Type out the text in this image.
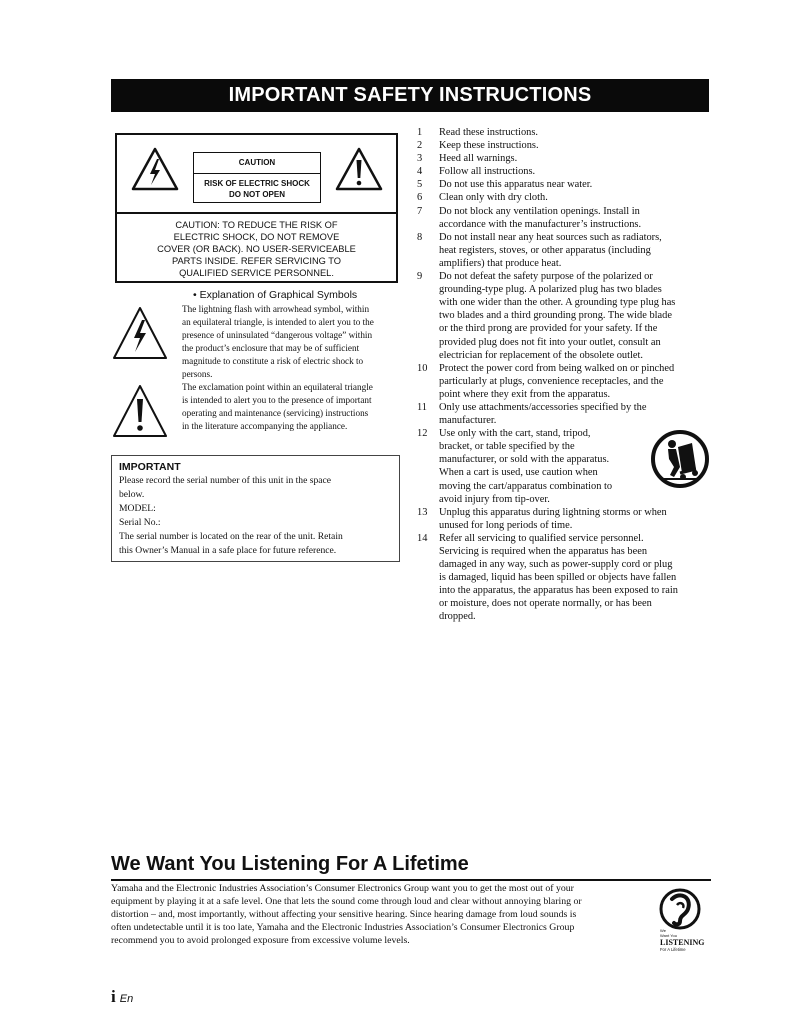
IMPORTANT SAFETY INSTRUCTIONS
CAUTION
RISK OF ELECTRIC SHOCK
DO NOT OPEN
CAUTION: TO REDUCE THE RISK OF
ELECTRIC SHOCK, DO NOT REMOVE
COVER (OR BACK). NO USER-SERVICEABLE
PARTS INSIDE. REFER SERVICING TO
QUALIFIED SERVICE PERSONNEL.
• Explanation of Graphical Symbols
The lightning flash with arrowhead symbol, within
an equilateral triangle, is intended to alert you to the
presence of uninsulated “dangerous voltage” within
the product’s enclosure that may be of sufficient
magnitude to constitute a risk of electric shock to
persons.
The exclamation point within an equilateral triangle
is intended to alert you to the presence of important
operating and maintenance (servicing) instructions
in the literature accompanying the appliance.
IMPORTANT
Please record the serial number of this unit in the space
below.
MODEL:
Serial No.:
The serial number is located on the rear of the unit. Retain
this Owner’s Manual in a safe place for future reference.
1	Read these instructions.
2	Keep these instructions.
3	Heed all warnings.
4	Follow all instructions.
5	Do not use this apparatus near water.
6	Clean only with dry cloth.
7	Do not block any ventilation openings. Install in
accordance with the manufacturer’s instructions.
8	Do not install near any heat sources such as radiators,
heat registers, stoves, or other apparatus (including
amplifiers) that produce heat.
9	Do not defeat the safety purpose of the polarized or
grounding-type plug. A polarized plug has two blades
with one wider than the other. A grounding type plug has
two blades and a third grounding prong. The wide blade
or the third prong are provided for your safety. If the
provided plug does not fit into your outlet, consult an
electrician for replacement of the obsolete outlet.
10	Protect the power cord from being walked on or pinched
particularly at plugs, convenience receptacles, and the
point where they exit from the apparatus.
11	Only use attachments/accessories specified by the
manufacturer.
12	Use only with the cart, stand, tripod,
bracket, or table specified by the
manufacturer, or sold with the apparatus.
When a cart is used, use caution when
moving the cart/apparatus combination to
avoid injury from tip-over.
13	Unplug this apparatus during lightning storms or when
unused for long periods of time.
14	Refer all servicing to qualified service personnel.
Servicing is required when the apparatus has been
damaged in any way, such as power-supply cord or plug
is damaged, liquid has been spilled or objects have fallen
into the apparatus, the apparatus has been exposed to rain
or moisture, does not operate normally, or has been
dropped.
We Want You Listening For A Lifetime
Yamaha and the Electronic Industries Association’s Consumer Electronics Group want you to get the most out of your
equipment by playing it at a safe level. One that lets the sound come through loud and clear without annoying blaring or
distortion – and, most importantly, without affecting your sensitive hearing. Since hearing damage from loud sounds is
often undetectable until it is too late, Yamaha and the Electronic Industries Association’s Consumer Electronics Group
recommend you to avoid prolonged exposure from excessive volume levels.
We
Want You
LISTENING
For A Lifetime
i En
